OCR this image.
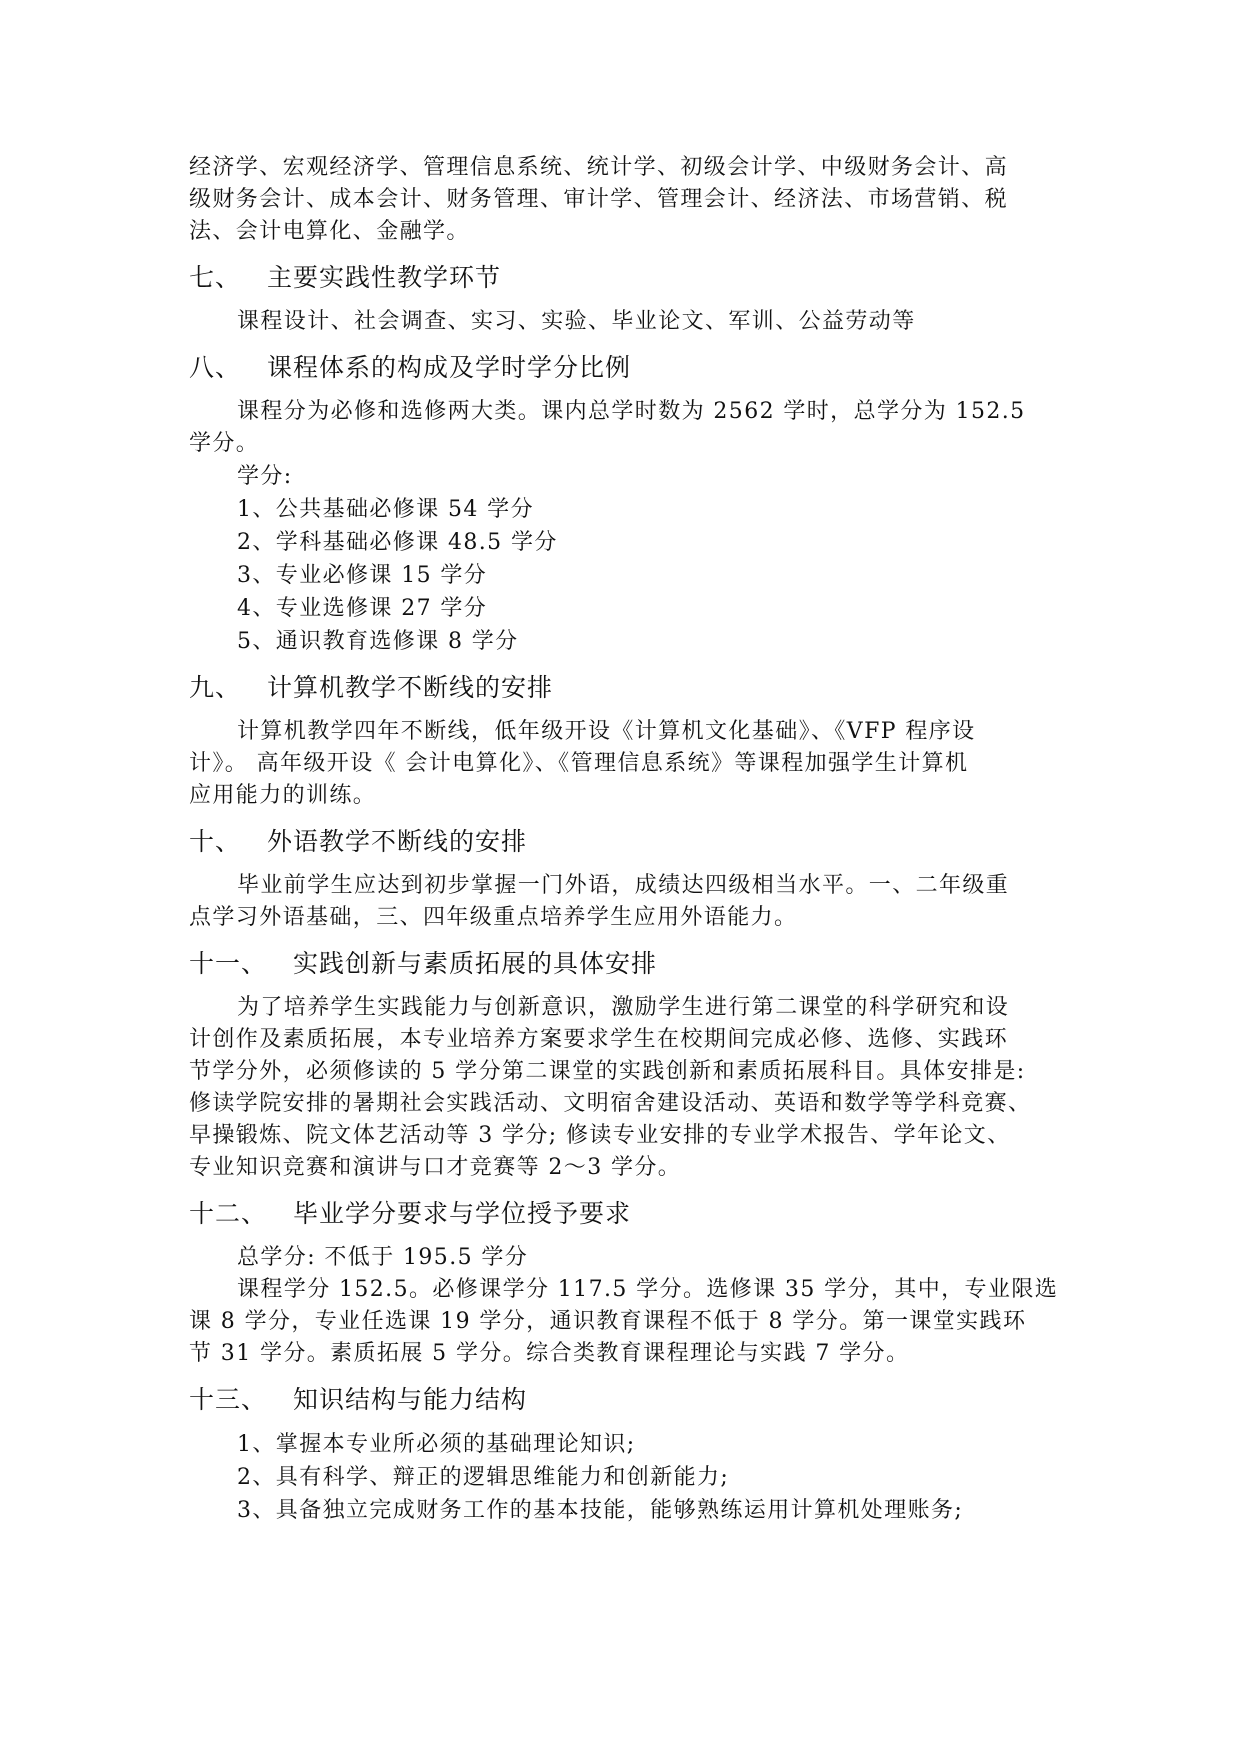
经济学、宏观经济学、管理信息系统、统计学、初级会计学、中级财务会计、高
级财务会计、成本会计、财务管理、审计学、管理会计、经济法、市场营销、税
法、会计电算化、金融学。

七、 主要实践性教学环节

课程设计、社会调查、实习、实验、毕业论文、军训、公益劳动等

八、 课程体系的构成及学时学分比例

课程分为必修和选修两大类。课内总学时数为 2562 学时，总学分为 152.5
学分。

学分:

1、公共基础必修课 54 学分

2、学科基础必修课 48.5 学分

3、专业必修课 15 学分

4、专业选修课 27 学分

5、通识教育选修课 8 学分

九、 计算机教学不断线的安排

计算机教学四年不断线，低年级开设《计算机文化基础》、《VFP 程序设
计》。 高年级开设《 会计电算化》、《管理信息系统》等课程加强学生计算机
应用能力的训练。

十、 外语教学不断线的安排

毕业前学生应达到初步掌握一门外语，成绩达四级相当水平。一、二年级重
点学习外语基础，三、四年级重点培养学生应用外语能力。

十一、 实践创新与素质拓展的具体安排

为了培养学生实践能力与创新意识，激励学生进行第二课堂的科学研究和设
计创作及素质拓展，本专业培养方案要求学生在校期间完成必修、选修、实践环
节学分外，必须修读的 5 学分第二课堂的实践创新和素质拓展科目。具体安排是:
修读学院安排的暑期社会实践活动、文明宿舍建设活动、英语和数学等学科竞赛、
早操锻炼、院文体艺活动等 3 学分; 修读专业安排的专业学术报告、学年论文、
专业知识竞赛和演讲与口才竞赛等 2～3 学分。

十二、 毕业学分要求与学位授予要求

总学分: 不低于 195.5 学分

课程学分 152.5。必修课学分 117.5 学分。选修课 35 学分，其中，专业限选
课 8 学分，专业任选课 19 学分，通识教育课程不低于 8 学分。第一课堂实践环
节 31 学分。素质拓展 5 学分。综合类教育课程理论与实践 7 学分。

十三、 知识结构与能力结构

1、掌握本专业所必须的基础理论知识;

2、具有科学、辩正的逻辑思维能力和创新能力;

3、具备独立完成财务工作的基本技能，能够熟练运用计算机处理账务;
